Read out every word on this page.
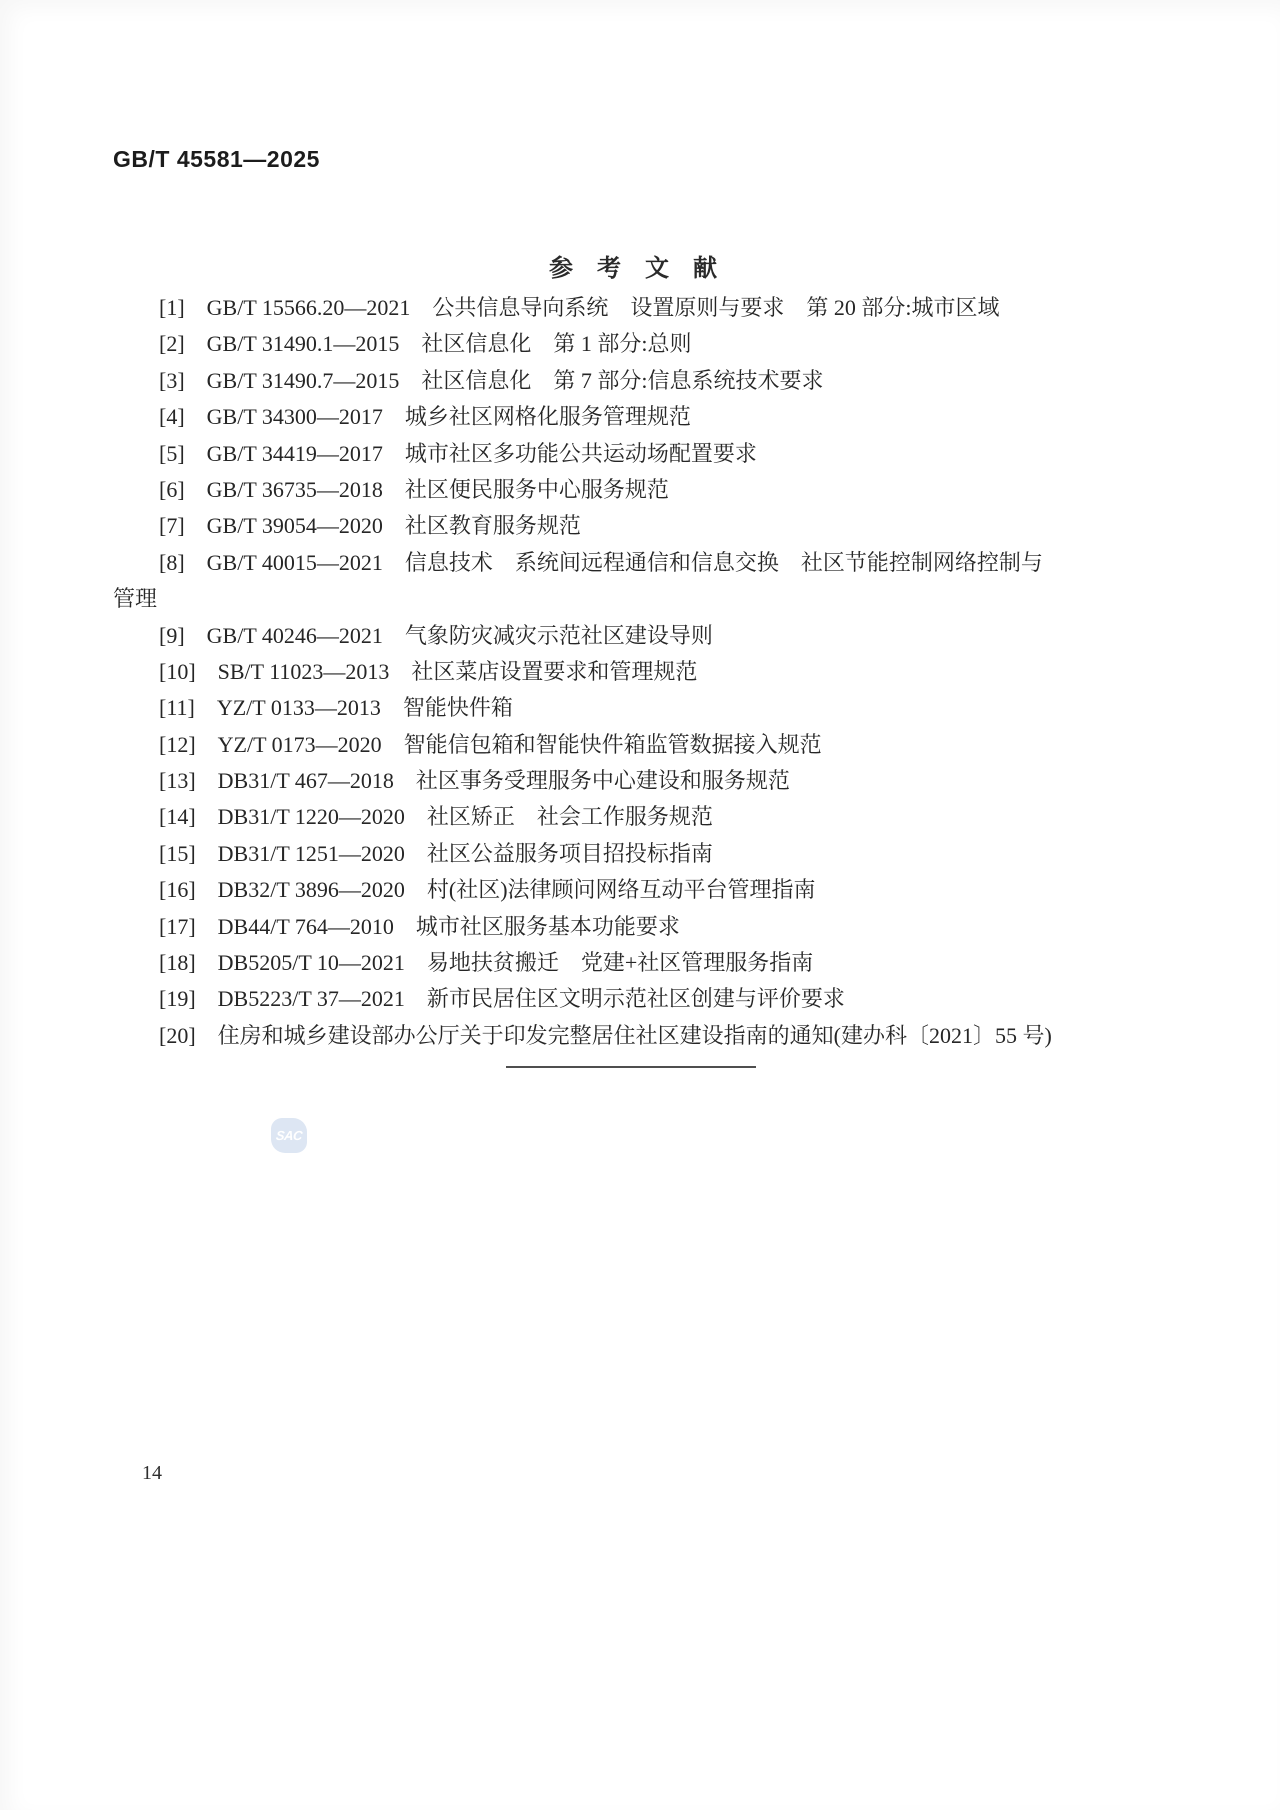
GB/T 45581—2025
参　考　文　献

[1]　GB/T 15566.20—2021　公共信息导向系统　设置原则与要求　第 20 部分:城市区域

[2]　GB/T 31490.1—2015　社区信息化　第 1 部分:总则

[3]　GB/T 31490.7—2015　社区信息化　第 7 部分:信息系统技术要求

[4]　GB/T 34300—2017　城乡社区网格化服务管理规范

[5]　GB/T 34419—2017　城市社区多功能公共运动场配置要求

[6]　GB/T 36735—2018　社区便民服务中心服务规范

[7]　GB/T 39054—2020　社区教育服务规范

[8]　GB/T 40015—2021　信息技术　系统间远程通信和信息交换　社区节能控制网络控制与

管理

[9]　GB/T 40246—2021　气象防灾减灾示范社区建设导则

[10]　SB/T 11023—2013　社区菜店设置要求和管理规范

[11]　YZ/T 0133—2013　智能快件箱

[12]　YZ/T 0173—2020　智能信包箱和智能快件箱监管数据接入规范

[13]　DB31/T 467—2018　社区事务受理服务中心建设和服务规范

[14]　DB31/T 1220—2020　社区矫正　社会工作服务规范

[15]　DB31/T 1251—2020　社区公益服务项目招投标指南

[16]　DB32/T 3896—2020　村(社区)法律顾问网络互动平台管理指南

[17]　DB44/T 764—2010　城市社区服务基本功能要求

[18]　DB5205/T 10—2021　易地扶贫搬迁　党建+社区管理服务指南

[19]　DB5223/T 37—2021　新市民居住区文明示范社区创建与评价要求

[20]　住房和城乡建设部办公厅关于印发完整居住社区建设指南的通知(建办科〔2021〕55 号)

SAC
14
